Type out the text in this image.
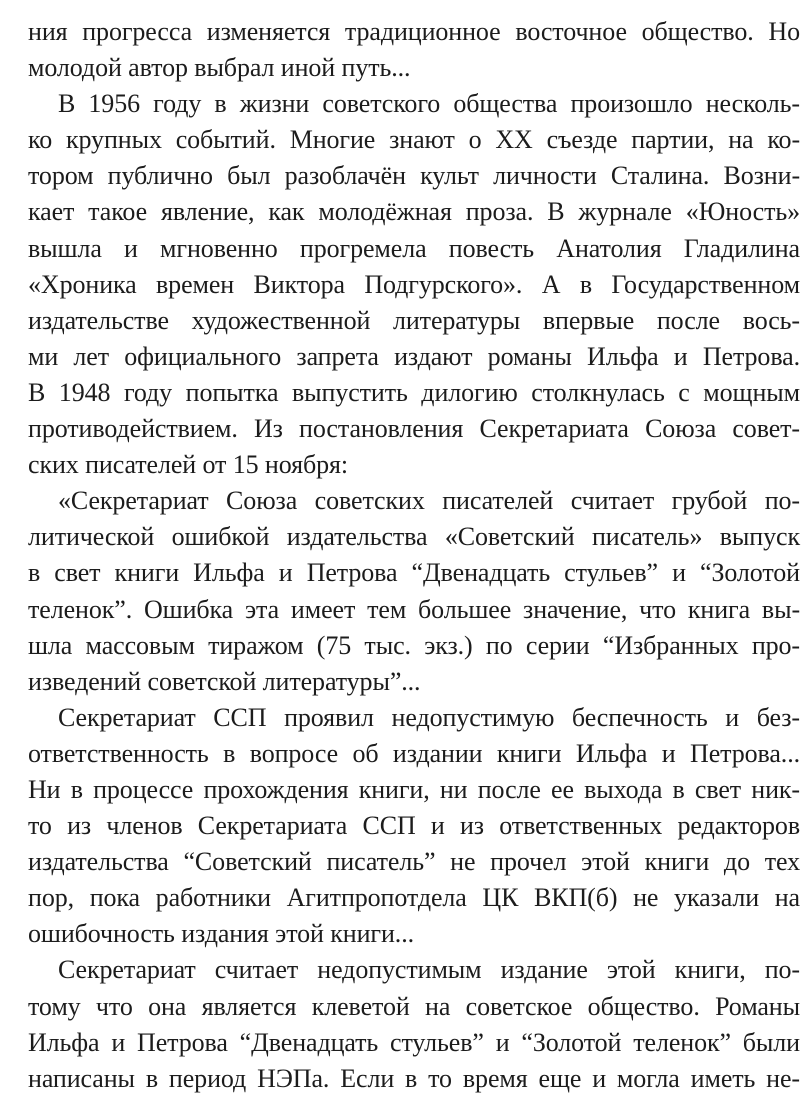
ния прогресса изменяется традиционное восточное общество. Но
молодой автор выбрал иной путь...
В 1956 году в жизни советского общества произошло несколь-
ко крупных событий. Многие знают о XX съезде партии, на ко-
тором публично был разоблачён культ личности Сталина. Возни-
кает такое явление, как молодёжная проза. В журнале «Юность»
вышла и мгновенно прогремела повесть Анатолия Гладилина
«Хроника времен Виктора Подгурского». А в Государственном
издательстве художественной литературы впервые после вось-
ми лет официального запрета издают романы Ильфа и Петрова.
В 1948 году попытка выпустить дилогию столкнулась с мощным
противодействием. Из постановления Секретариата Союза совет-
ских писателей от 15 ноября:
«Секретариат Союза советских писателей считает грубой по-
литической ошибкой издательства «Советский писатель» выпуск
в свет книги Ильфа и Петрова “Двенадцать стульев” и “Золотой
теленок”. Ошибка эта имеет тем большее значение, что книга вы-
шла массовым тиражом (75 тыс. экз.) по серии “Избранных про-
изведений советской литературы”...
Секретариат ССП проявил недопустимую беспечность и без-
ответственность в вопросе об издании книги Ильфа и Петрова...
Ни в процессе прохождения книги, ни после ее выхода в свет ник-
то из членов Секретариата ССП и из ответственных редакторов
издательства “Советский писатель” не прочел этой книги до тех
пор, пока работники Агитпропотдела ЦК ВКП(б) не указали на
ошибочность издания этой книги...
Секретариат считает недопустимым издание этой книги, по-
тому что она является клеветой на советское общество. Романы
Ильфа и Петрова “Двенадцать стульев” и “Золотой теленок” были
написаны в период НЭПа. Если в то время еще и могла иметь не-
